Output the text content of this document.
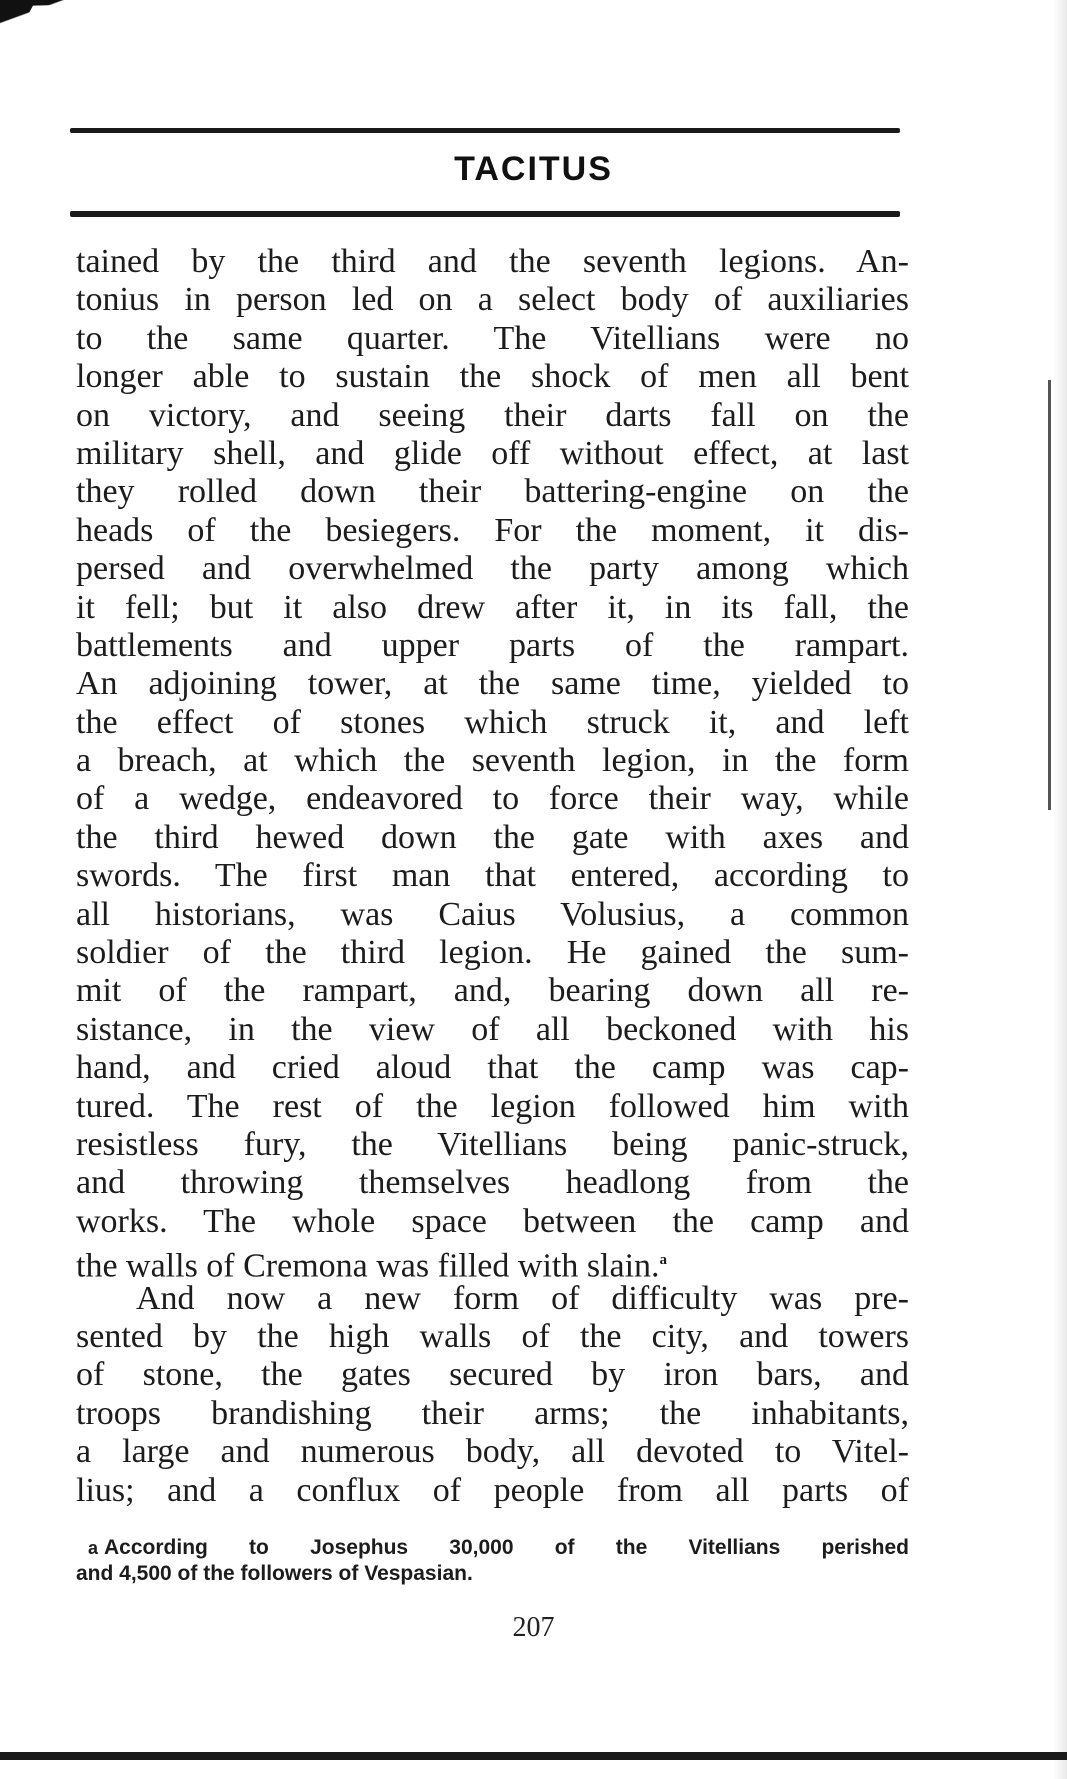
TACITUS
tained by the third and the seventh legions. An-
tonius in person led on a select body of auxiliaries
to the same quarter. The Vitellians were no
longer able to sustain the shock of men all bent
on victory, and seeing their darts fall on the
military shell, and glide off without effect, at last
they rolled down their battering-engine on the
heads of the besiegers. For the moment, it dis-
persed and overwhelmed the party among which
it fell; but it also drew after it, in its fall, the
battlements and upper parts of the rampart.
An adjoining tower, at the same time, yielded to
the effect of stones which struck it, and left
a breach, at which the seventh legion, in the form
of a wedge, endeavored to force their way, while
the third hewed down the gate with axes and
swords. The first man that entered, according to
all historians, was Caius Volusius, a common
soldier of the third legion. He gained the sum-
mit of the rampart, and, bearing down all re-
sistance, in the view of all beckoned with his
hand, and cried aloud that the camp was cap-
tured. The rest of the legion followed him with
resistless fury, the Vitellians being panic-struck,
and throwing themselves headlong from the
works. The whole space between the camp and
the walls of Cremona was filled with slain.$^a$
And now a new form of difficulty was pre-
sented by the high walls of the city, and towers
of stone, the gates secured by iron bars, and
troops brandishing their arms; the inhabitants,
a large and numerous body, all devoted to Vitel-
lius; and a conflux of people from all parts of
a According to Josephus 30,000 of the Vitellians perished
and 4,500 of the followers of Vespasian.
207
